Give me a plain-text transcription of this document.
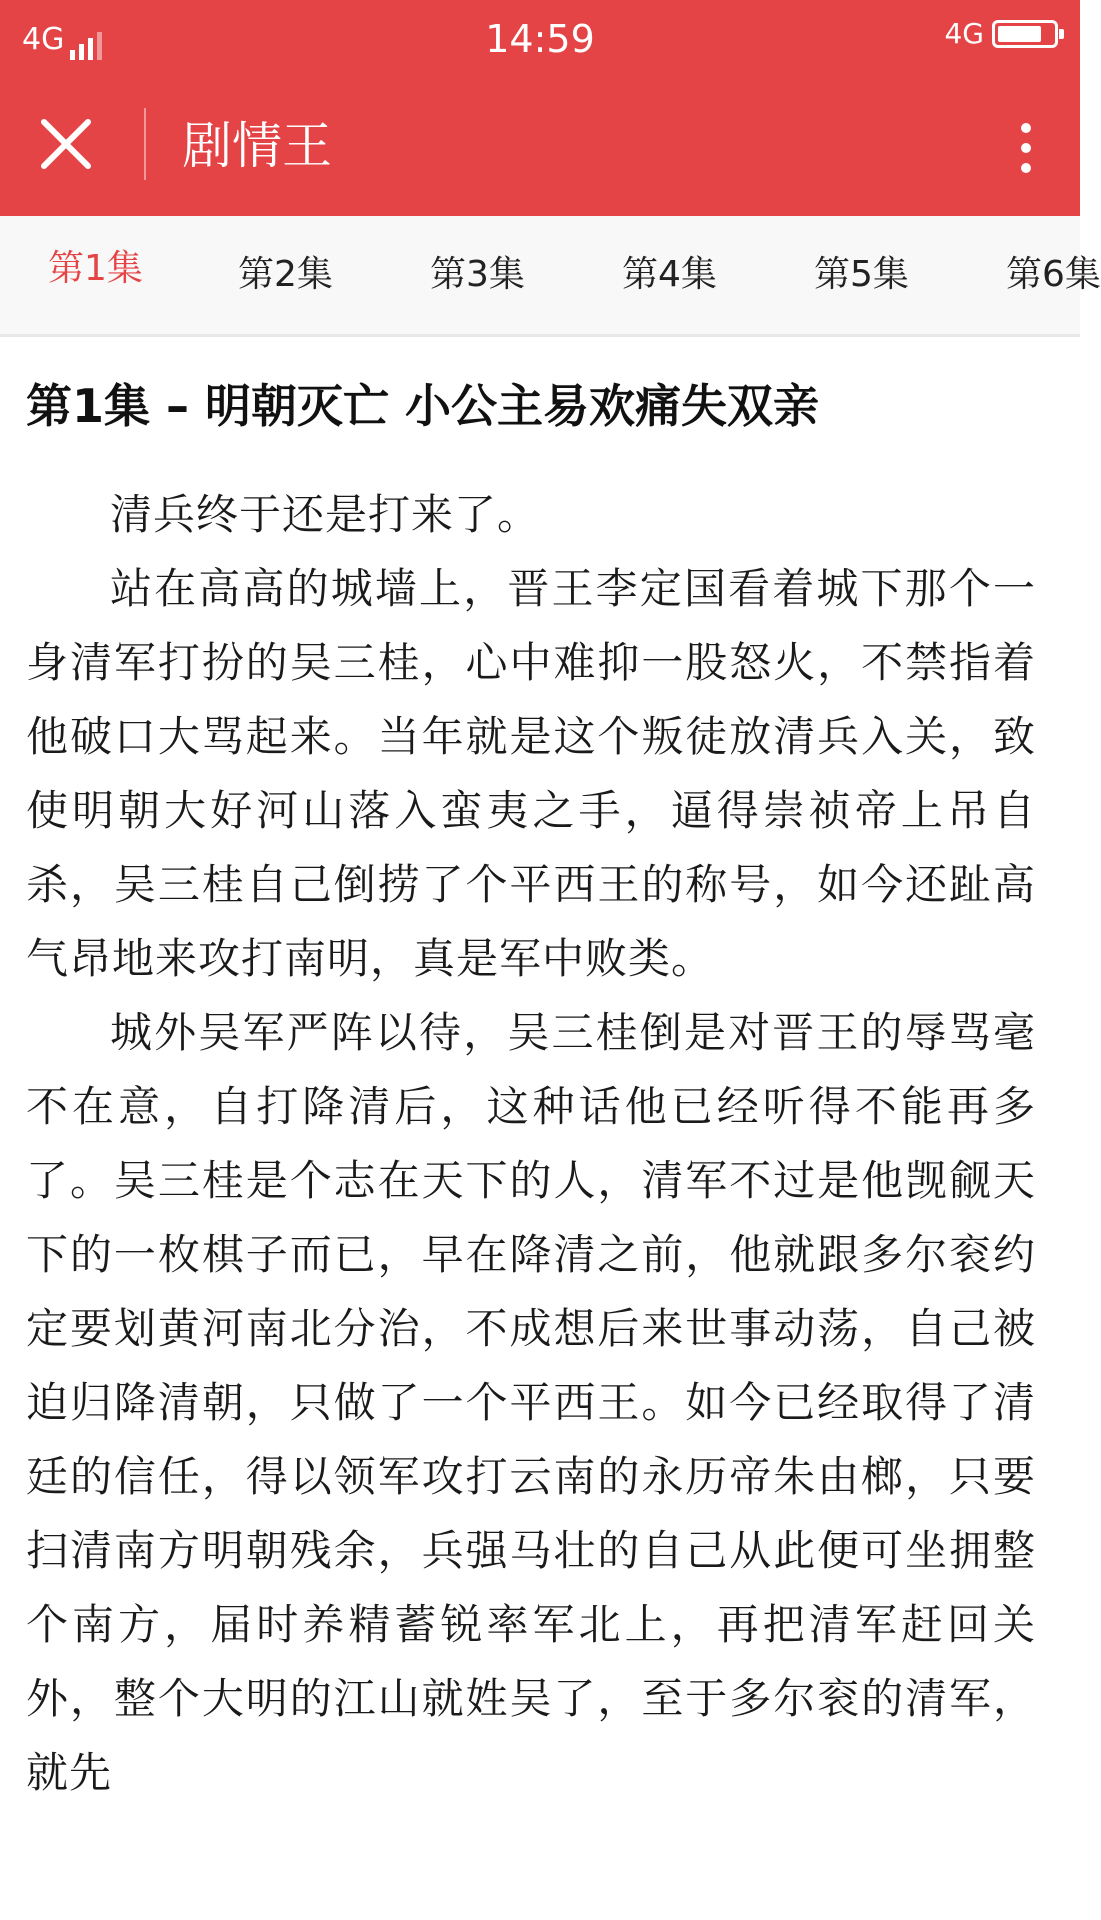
4G	14:59	4G
剧情王
第1集	第2集	第3集	第4集	第5集	第6集
第1集 – 明朝灭亡 小公主易欢痛失双亲

清兵终于还是打来了。

站在高高的城墙上，晋王李定国看着城下那个一身清军打扮的吴三桂，心中难抑一股怒火，不禁指着他破口大骂起来。当年就是这个叛徒放清兵入关，致使明朝大好河山落入蛮夷之手，逼得崇祯帝上吊自杀，吴三桂自己倒捞了个平西王的称号，如今还趾高气昂地来攻打南明，真是军中败类。

城外吴军严阵以待，吴三桂倒是对晋王的辱骂毫不在意，自打降清后，这种话他已经听得不能再多了。吴三桂是个志在天下的人，清军不过是他觊觎天下的一枚棋子而已，早在降清之前，他就跟多尔衮约定要划黄河南北分治，不成想后来世事动荡，自己被迫归降清朝，只做了一个平西王。如今已经取得了清廷的信任，得以领军攻打云南的永历帝朱由榔，只要扫清南方明朝残余，兵强马壮的自己从此便可坐拥整个南方，届时养精蓄锐率军北上，再把清军赶回关外，整个大明的江山就姓吴了，至于多尔衮的清军，就先
